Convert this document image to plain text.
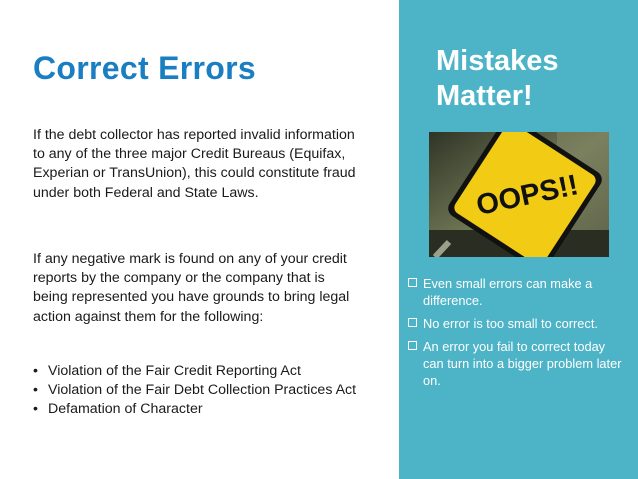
Correct Errors

If the debt collector has reported invalid information to any of the three major Credit Bureaus (Equifax, Experian or TransUnion), this could constitute fraud under both Federal and State Laws.

If any negative mark is found on any of your credit reports by the company or the company that is being represented you have grounds to bring legal action against them for the following:

• Violation of the Fair Credit Reporting Act
• Violation of the Fair Debt Collection Practices Act
• Defamation of Character
Mistakes
Matter!
OOPS!!
Even small errors can make a difference.
No error is too small to correct.
An error you fail to correct today can turn into a bigger problem later on.
